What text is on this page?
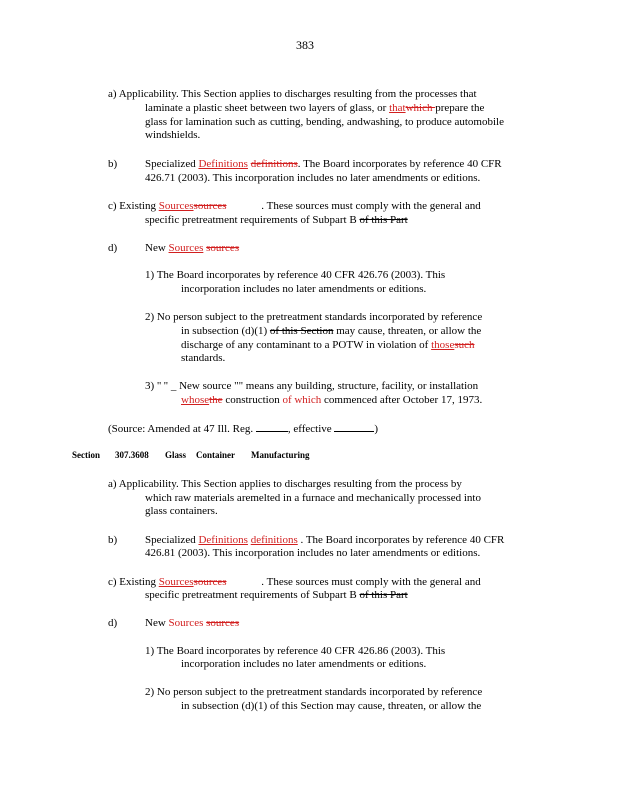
383
a) Applicability. This Section applies to discharges resulting from the processes that
laminate a plastic sheet between two layers of glass, or thatwhich prepare the
glass for lamination such as cutting, bending, andwashing, to produce automobile
windshields.
b)	Specialized Definitions definitions. The Board incorporates by reference 40 CFR
426.71 (2003). This incorporation includes no later amendments or editions.
c) Existing Sourcessources	. These sources must comply with the general and
specific pretreatment requirements of Subpart B of this Part
d)	New Sources sources
1) The Board incorporates by reference 40 CFR 426.76 (2003). This
incorporation includes no later amendments or editions.
2) No person subject to the pretreatment standards incorporated by reference
in subsection (d)(1) of this Section may cause, threaten, or allow the
discharge of any contaminant to a POTW in violation of thosesuch
standards.
3) " " _ New source "" means any building, structure, facility, or installation
whosethe construction of which commenced after October 17, 1973.
(Source: Amended at 47 Ill. Reg.	, effective	)
Section 307.3608 Glass Container Manufacturing
a) Applicability. This Section applies to discharges resulting from the process by
which raw materials aremelted in a furnace and mechanically processed into
glass containers.
b)	Specialized Definitions definitions . The Board incorporates by reference 40 CFR
426.81 (2003). This incorporation includes no later amendments or editions.
c) Existing Sourcessources	. These sources must comply with the general and
specific pretreatment requirements of Subpart B of this Part
d)	New Sources sources
1) The Board incorporates by reference 40 CFR 426.86 (2003). This
incorporation includes no later amendments or editions.
2) No person subject to the pretreatment standards incorporated by reference
in subsection (d)(1) of this Section may cause, threaten, or allow the
